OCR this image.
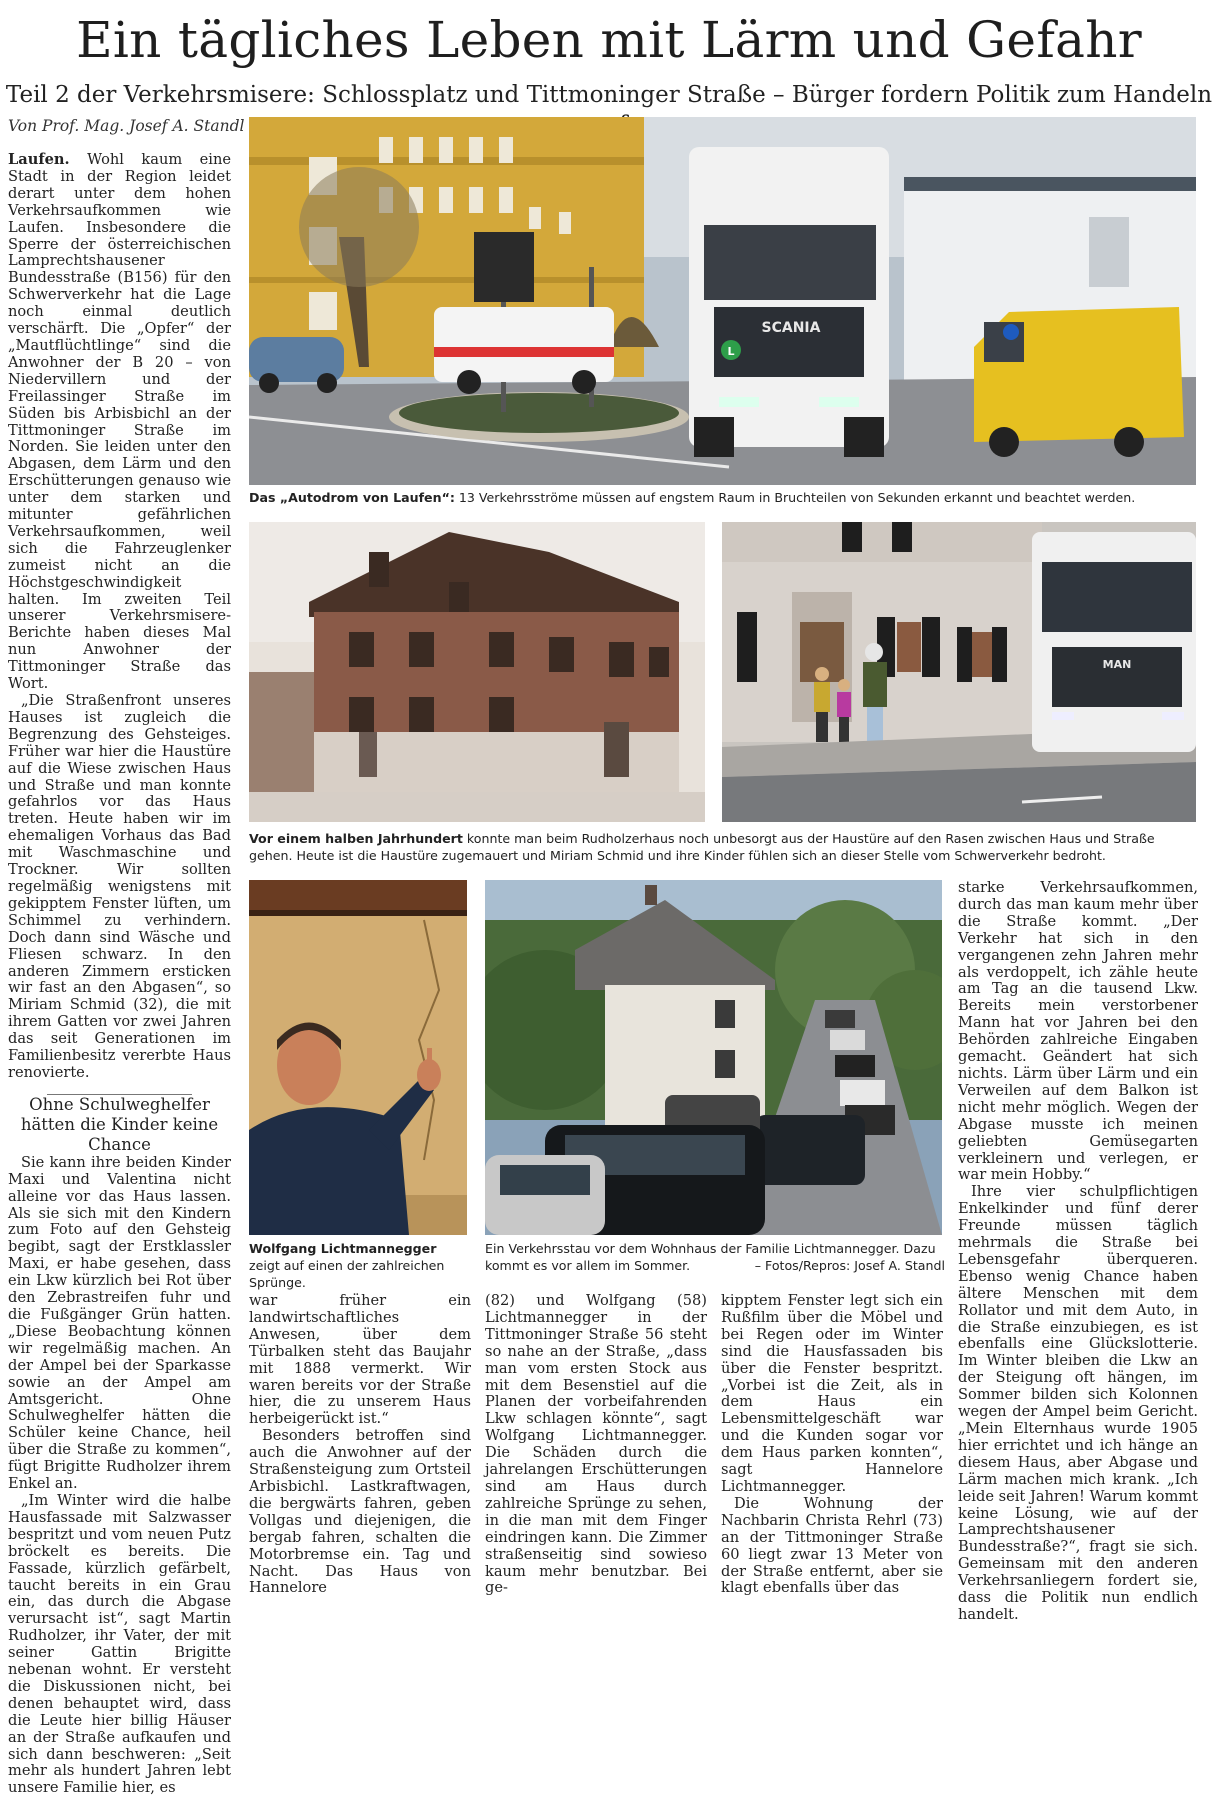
Ein tägliches Leben mit Lärm und Gefahr
Teil 2 der Verkehrsmisere: Schlossplatz und Tittmoninger Straße – Bürger fordern Politik zum Handeln
Von Prof. Mag. Josef A. Standl

Laufen. Wohl kaum eine Stadt in der Region leidet derart unter dem hohen Verkehrsaufkommen wie Laufen. Insbesondere die Sperre der österreichischen Lamprechtshausener Bundesstraße (B156) für den Schwerverkehr hat die Lage noch einmal deutlich verschärft. Die „Opfer“ der „Mautflüchtlinge“ sind die Anwohner der B 20 – von Niedervillern und der Freilassinger Straße im Süden bis Arbisbichl an der Tittmoninger Straße im Norden. Sie leiden unter den Abgasen, dem Lärm und den Erschütterungen genauso wie unter dem starken und mitunter gefährlichen Verkehrsaufkommen, weil sich die Fahrzeuglenker zumeist nicht an die Höchstgeschwindigkeit halten. Im zweiten Teil unserer Verkehrsmisere-Berichte haben dieses Mal nun Anwohner der Tittmoninger Straße das Wort.

„Die Straßenfront unseres Hauses ist zugleich die Begrenzung des Gehsteiges. Früher war hier die Haustüre auf die Wiese zwischen Haus und Straße und man konnte gefahrlos vor das Haus treten. Heute haben wir im ehemaligen Vorhaus das Bad mit Waschmaschine und Trockner. Wir sollten regelmäßig wenigstens mit gekipptem Fenster lüften, um Schimmel zu verhindern. Doch dann sind Wäsche und Fliesen schwarz. In den anderen Zimmern ersticken wir fast an den Abgasen“, so Miriam Schmid (32), die mit ihrem Gatten vor zwei Jahren das seit Generationen im Familienbesitz vererbte Haus renovierte.

Ohne Schulweghelfer hätten die Kinder keine Chance

Sie kann ihre beiden Kinder Maxi und Valentina nicht alleine vor das Haus lassen. Als sie sich mit den Kindern zum Foto auf den Gehsteig begibt, sagt der Erstklassler Maxi, er habe gesehen, dass ein Lkw kürzlich bei Rot über den Zebrastreifen fuhr und die Fußgänger Grün hatten. „Diese Beobachtung können wir regelmäßig machen. An der Ampel bei der Sparkasse sowie an der Ampel am Amtsgericht. Ohne Schulweghelfer hätten die Schüler keine Chance, heil über die Straße zu kommen“, fügt Brigitte Rudholzer ihrem Enkel an.

„Im Winter wird die halbe Hausfassade mit Salzwasser bespritzt und vom neuen Putz bröckelt es bereits. Die Fassade, kürzlich gefärbelt, taucht bereits in ein Grau ein, das durch die Abgase verursacht ist“, sagt Martin Rudholzer, ihr Vater, der mit seiner Gattin Brigitte nebenan wohnt. Er versteht die Diskussionen nicht, bei denen behauptet wird, dass die Leute hier billig Häuser an der Straße aufkaufen und sich dann beschweren: „Seit mehr als hundert Jahren lebt unsere Familie hier, es

SCANIA
L
Das „Autodrom von Laufen“: 13 Verkehrsströme müssen auf engstem Raum in Bruchteilen von Sekunden erkannt und beachtet werden.
MAN
Vor einem halben Jahrhundert konnte man beim Rudholzerhaus noch unbesorgt aus der Haustüre auf den Rasen zwischen Haus und Straße gehen. Heute ist die Haustüre zugemauert und Miriam Schmid und ihre Kinder fühlen sich an dieser Stelle vom Schwerverkehr bedroht.
Wolfgang Lichtmannegger zeigt auf einen der zahlreichen Sprünge.
Ein Verkehrsstau vor dem Wohnhaus der Familie Lichtmannegger. Dazu kommt es vor allem im Sommer.	– Fotos/Repros: Josef A. Standl

starke Verkehrsaufkommen, durch das man kaum mehr über die Straße kommt. „Der Verkehr hat sich in den vergangenen zehn Jahren mehr als verdoppelt, ich zähle heute am Tag an die tausend Lkw. Bereits mein verstorbener Mann hat vor Jahren bei den Behörden zahlreiche Eingaben gemacht. Geändert hat sich nichts. Lärm über Lärm und ein Verweilen auf dem Balkon ist nicht mehr möglich. Wegen der Abgase musste ich meinen geliebten Gemüsegarten verkleinern und verlegen, er war mein Hobby.“

Ihre vier schulpflichtigen Enkelkinder und fünf derer Freunde müssen täglich mehrmals die Straße bei Lebensgefahr überqueren. Ebenso wenig Chance haben ältere Menschen mit dem Rollator und mit dem Auto, in die Straße einzubiegen, es ist ebenfalls eine Glückslotterie. Im Winter bleiben die Lkw an der Steigung oft hängen, im Sommer bilden sich Kolonnen wegen der Ampel beim Gericht. „Mein Elternhaus wurde 1905 hier errichtet und ich hänge an diesem Haus, aber Abgase und Lärm machen mich krank. „Ich leide seit Jahren! Warum kommt keine Lösung, wie auf der Lamprechtshausener Bundesstraße?“, fragt sie sich. Gemeinsam mit den anderen Verkehrsanliegern fordert sie, dass die Politik nun endlich handelt.

war früher ein landwirtschaftliches Anwesen, über dem Türbalken steht das Baujahr mit 1888 vermerkt. Wir waren bereits vor der Straße hier, die zu unserem Haus herbeigerückt ist.“

Besonders betroffen sind auch die Anwohner auf der Straßensteigung zum Ortsteil Arbisbichl. Lastkraftwagen, die bergwärts fahren, geben Vollgas und diejenigen, die bergab fahren, schalten die Motorbremse ein. Tag und Nacht. Das Haus von Hannelore

(82) und Wolfgang (58) Lichtmannegger in der Tittmoninger Straße 56 steht so nahe an der Straße, „dass man vom ersten Stock aus mit dem Besenstiel auf die Planen der vorbeifahrenden Lkw schlagen könnte“, sagt Wolfgang Lichtmannegger. Die Schäden durch die jahrelangen Erschütterungen sind am Haus durch zahlreiche Sprünge zu sehen, in die man mit dem Finger eindringen kann. Die Zimmer straßenseitig sind sowieso kaum mehr benutzbar. Bei ge-

kipptem Fenster legt sich ein Rußfilm über die Möbel und bei Regen oder im Winter sind die Hausfassaden bis über die Fenster bespritzt. „Vorbei ist die Zeit, als in dem Haus ein Lebensmittelgeschäft war und die Kunden sogar vor dem Haus parken konnten“, sagt Hannelore Lichtmannegger.

Die Wohnung der Nachbarin Christa Rehrl (73) an der Tittmoninger Straße 60 liegt zwar 13 Meter von der Straße entfernt, aber sie klagt ebenfalls über das
